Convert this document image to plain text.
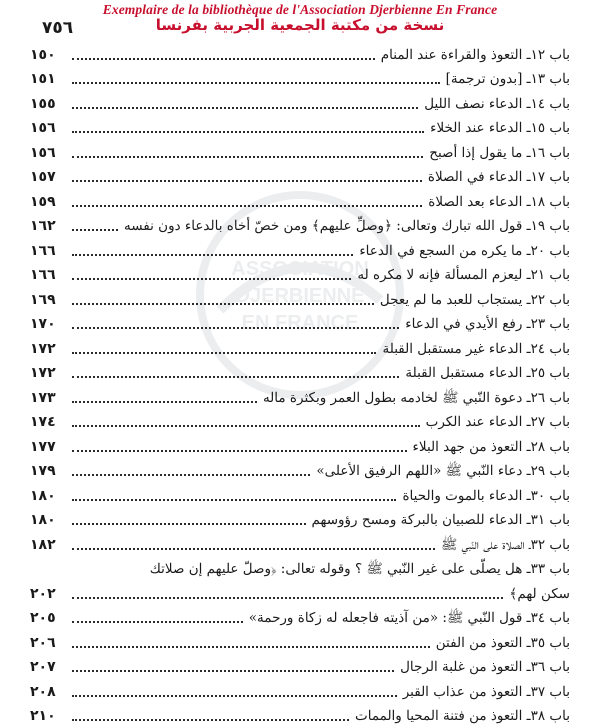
Exemplaire de la bibliothèque de l'Association Djerbienne En France
نسخة من مكتبة الجمعية الجربية بفرنسا
٧٥٦
ASSOCIATION
DJERBIENNE
EN FRANCE
باب ١٢ـ التعوذ والقراءة عند المنام
١٥٠
باب ١٣ـ [بدون ترجمة]
١٥١
باب ١٤ـ الدعاء نصف الليل
١٥٥
باب ١٥ـ الدعاء عند الخلاء
١٥٦
باب ١٦ـ ما يقول إذا أصبح
١٥٦
باب ١٧ـ الدعاء في الصلاة
١٥٧
باب ١٨ـ الدعاء بعد الصلاة
١٥٩
باب ١٩ـ قول الله تبارك وتعالى: ﴿وصلِّ عليهم﴾ ومن خصّ أخاه بالدعاء دون نفسه
١٦٢
باب ٢٠ـ ما يكره من السجع في الدعاء
١٦٦
باب ٢١ـ ليعزم المسألة فإنه لا مكره له
١٦٦
باب ٢٢ـ يستجاب للعبد ما لم يعجل
١٦٩
باب ٢٣ـ رفع الأيدي في الدعاء
١٧٠
باب ٢٤ـ الدعاء غير مستقبل القبلة
١٧٢
باب ٢٥ـ الدعاء مستقبل القبلة
١٧٢
باب ٢٦ـ دعوة النّبي ﷺ لخادمه بطول العمر وبكثرة ماله
١٧٣
باب ٢٧ـ الدعاء عند الكرب
١٧٤
باب ٢٨ـ التعوذ من جهد البلاء
١٧٧
باب ٢٩ـ دعاء النّبي ﷺ «اللهم الرفيق الأعلى»
١٧٩
باب ٣٠ـ الدعاء بالموت والحياة
١٨٠
باب ٣١ـ الدعاء للصبيان بالبركة ومسح رؤوسهم
١٨٠
باب ٣٢ـ الصلاة على النّبي ﷺ
١٨٢
باب ٣٣ـ هل يصلّى على غير النّبي ﷺ ؟ وقوله تعالى: ﴿وصلّ عليهم إن صلاتك
سكن لهم﴾
٢٠٢
باب ٣٤ـ قول النّبي ﷺ: «من آذيته فاجعله له زكاة ورحمة»
٢٠٥
باب ٣٥ـ التعوذ من الفتن
٢٠٦
باب ٣٦ـ التعوذ من غلبة الرجال
٢٠٧
باب ٣٧ـ التعوذ من عذاب القبر
٢٠٨
باب ٣٨ـ التعوذ من فتنة المحيا والممات
٢١٠
